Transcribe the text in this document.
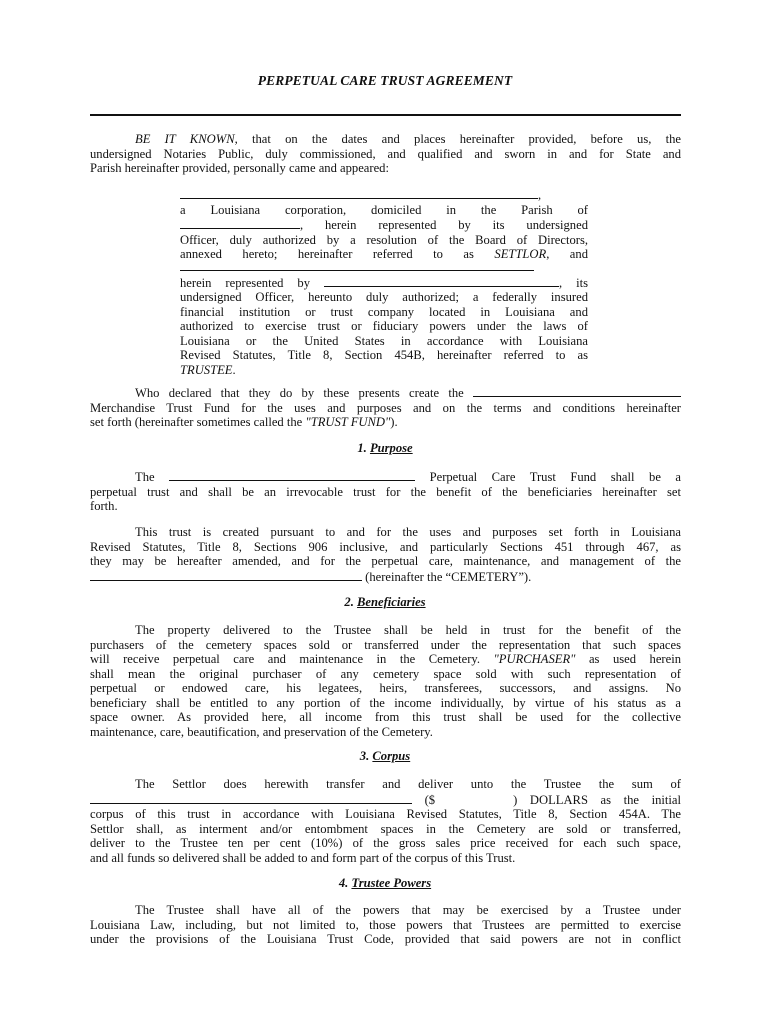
PERPETUAL CARE TRUST AGREEMENT
BE IT KNOWN, that on the dates and places hereinafter provided, before us, the
undersigned Notaries Public, duly commissioned, and qualified and sworn in and for State and
Parish hereinafter provided, personally came and appeared:
,
a Louisiana corporation, domiciled in the Parish of
, herein represented by its undersigned
Officer, duly authorized by a resolution of the Board of Directors,
annexed hereto; hereinafter referred to as SETTLOR, and
herein represented by	, its
undersigned Officer, hereunto duly authorized; a federally insured
financial institution or trust company located in Louisiana and
authorized to exercise trust or fiduciary powers under the laws of
Louisiana or the United States in accordance with Louisiana
Revised Statutes, Title 8, Section 454B, hereinafter referred to as
TRUSTEE.
Who declared that they do by these presents create the
Merchandise Trust Fund for the uses and purposes and on the terms and conditions hereinafter
set forth (hereinafter sometimes called the "TRUST FUND").
1. Purpose
The	Perpetual Care Trust Fund shall be a
perpetual trust and shall be an irrevocable trust for the benefit of the beneficiaries hereinafter set
forth.
This trust is created pursuant to and for the uses and purposes set forth in Louisiana
Revised Statutes, Title 8, Sections 906 inclusive, and particularly Sections 451 through 467, as
they may be hereafter amended, and for the perpetual care, maintenance, and management of the
(hereinafter the “CEMETERY”).
2. Beneficiaries
The property delivered to the Trustee shall be held in trust for the benefit of the
purchasers of the cemetery spaces sold or transferred under the representation that such spaces
will receive perpetual care and maintenance in the Cemetery. "PURCHASER" as used herein
shall mean the original purchaser of any cemetery space sold with such representation of
perpetual or endowed care, his legatees, heirs, transferees, successors, and assigns. No
beneficiary shall be entitled to any portion of the income individually, by virtue of his status as a
space owner. As provided here, all income from this trust shall be used for the collective
maintenance, care, beautification, and preservation of the Cemetery.
3. Corpus
The Settlor does herewith transfer and deliver unto the Trustee the sum of
($	) DOLLARS as the initial
corpus of this trust in accordance with Louisiana Revised Statutes, Title 8, Section 454A. The
Settlor shall, as interment and/or entombment spaces in the Cemetery are sold or transferred,
deliver to the Trustee ten per cent (10%) of the gross sales price received for each such space,
and all funds so delivered shall be added to and form part of the corpus of this Trust.
4. Trustee Powers
The Trustee shall have all of the powers that may be exercised by a Trustee under
Louisiana Law, including, but not limited to, those powers that Trustees are permitted to exercise
under the provisions of the Louisiana Trust Code, provided that said powers are not in conflict
